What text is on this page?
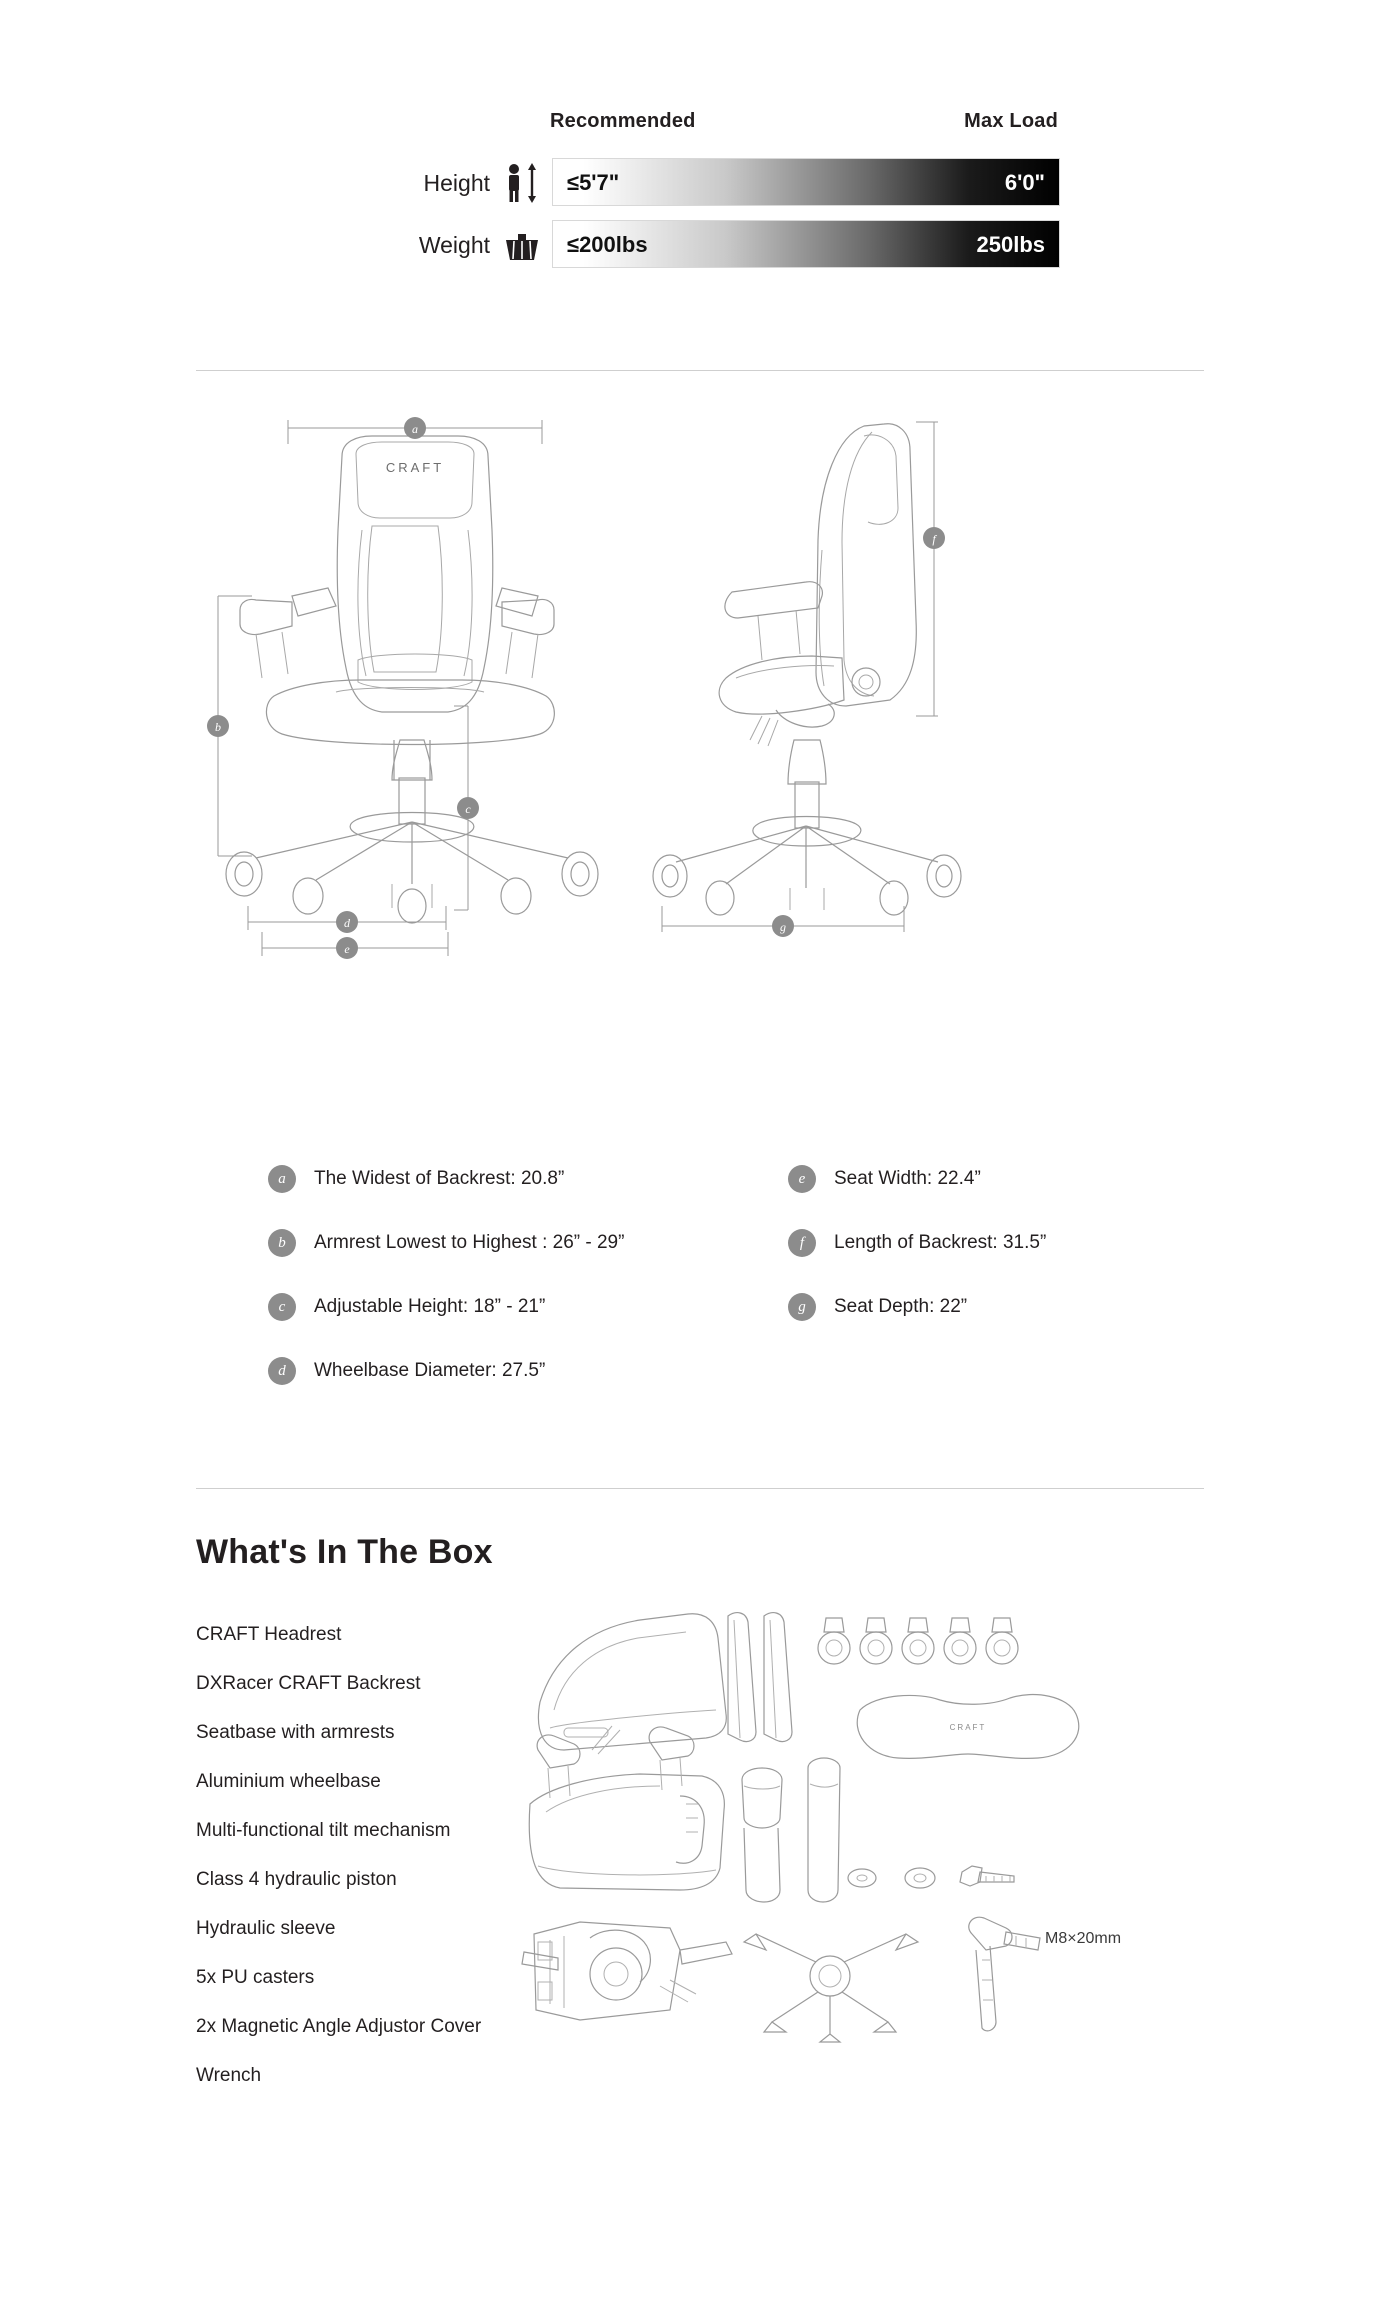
Recommended	Max Load
Height	≤5'7"	6'0"
Weight	≤200lbs	250lbs
CRAFT
a
b
c
d
e
f
g
a	The Widest of Backrest: 20.8”
b	Armrest Lowest to Highest : 26” - 29”
c	Adjustable Height: 18” - 21”
d	Wheelbase Diameter: 27.5”
e	Seat Width: 22.4”
f	Length of Backrest: 31.5”
g	Seat Depth: 22”
What's In The Box
CRAFT Headrest
DXRacer CRAFT Backrest
Seatbase with armrests
Aluminium wheelbase
Multi-functional tilt mechanism
Class 4 hydraulic piston
Hydraulic sleeve
5x PU casters
2x Magnetic Angle Adjustor Cover
Wrench
CRAFT
M8×20mm
